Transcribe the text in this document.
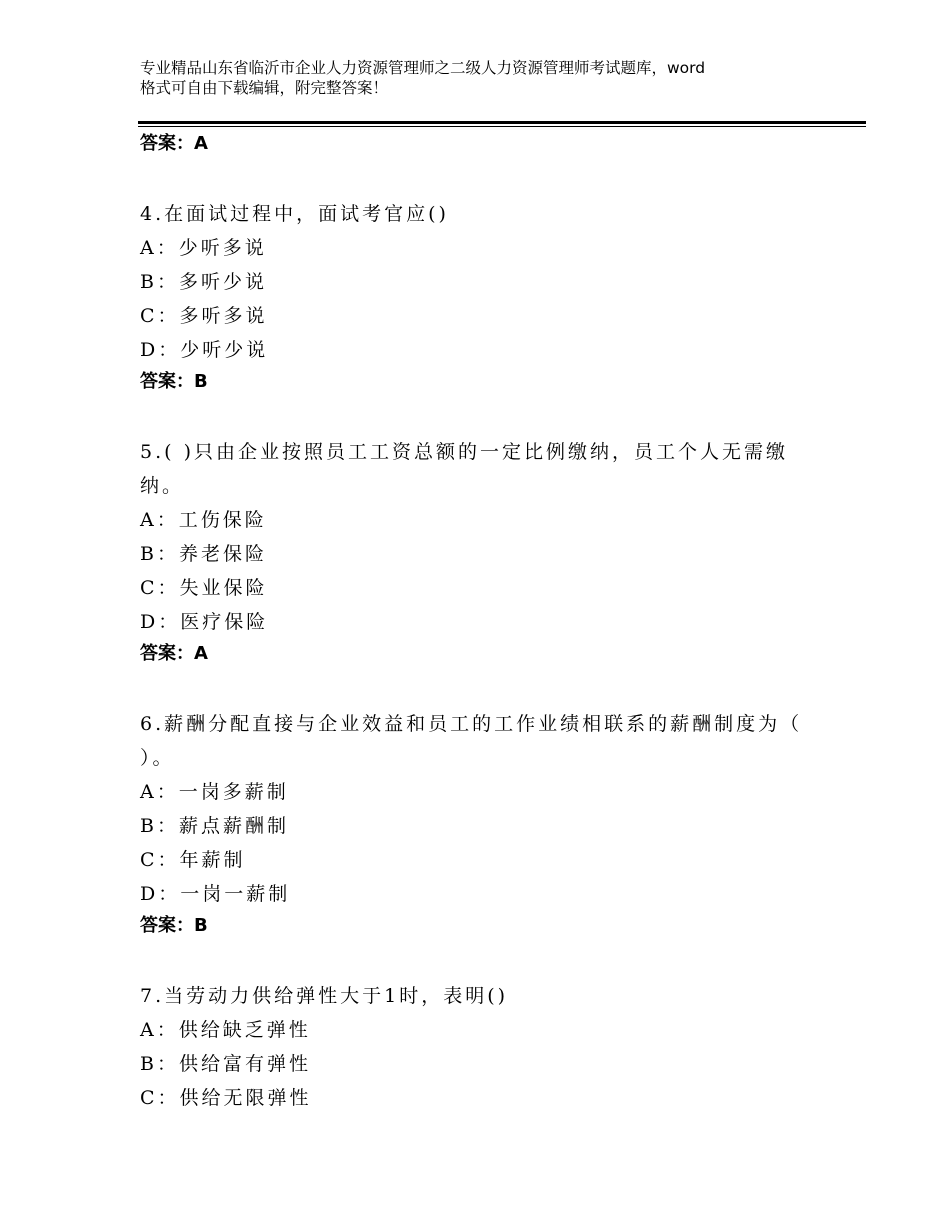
专业精品山东省临沂市企业人力资源管理师之二级人力资源管理师考试题库，word
格式可自由下载编辑，附完整答案！
答案：A
4.在面试过程中，面试考官应()
A：少听多说
B：多听少说
C：多听多说
D：少听少说
答案：B
5.( )只由企业按照员工工资总额的一定比例缴纳，员工个人无需缴
纳。
A：工伤保险
B：养老保险
C：失业保险
D：医疗保险
答案：A
6.薪酬分配直接与企业效益和员工的工作业绩相联系的薪酬制度为（
）。
A：一岗多薪制
B：薪点薪酬制
C：年薪制
D：一岗一薪制
答案：B
7.当劳动力供给弹性大于1时，表明()
A：供给缺乏弹性
B：供给富有弹性
C：供给无限弹性
